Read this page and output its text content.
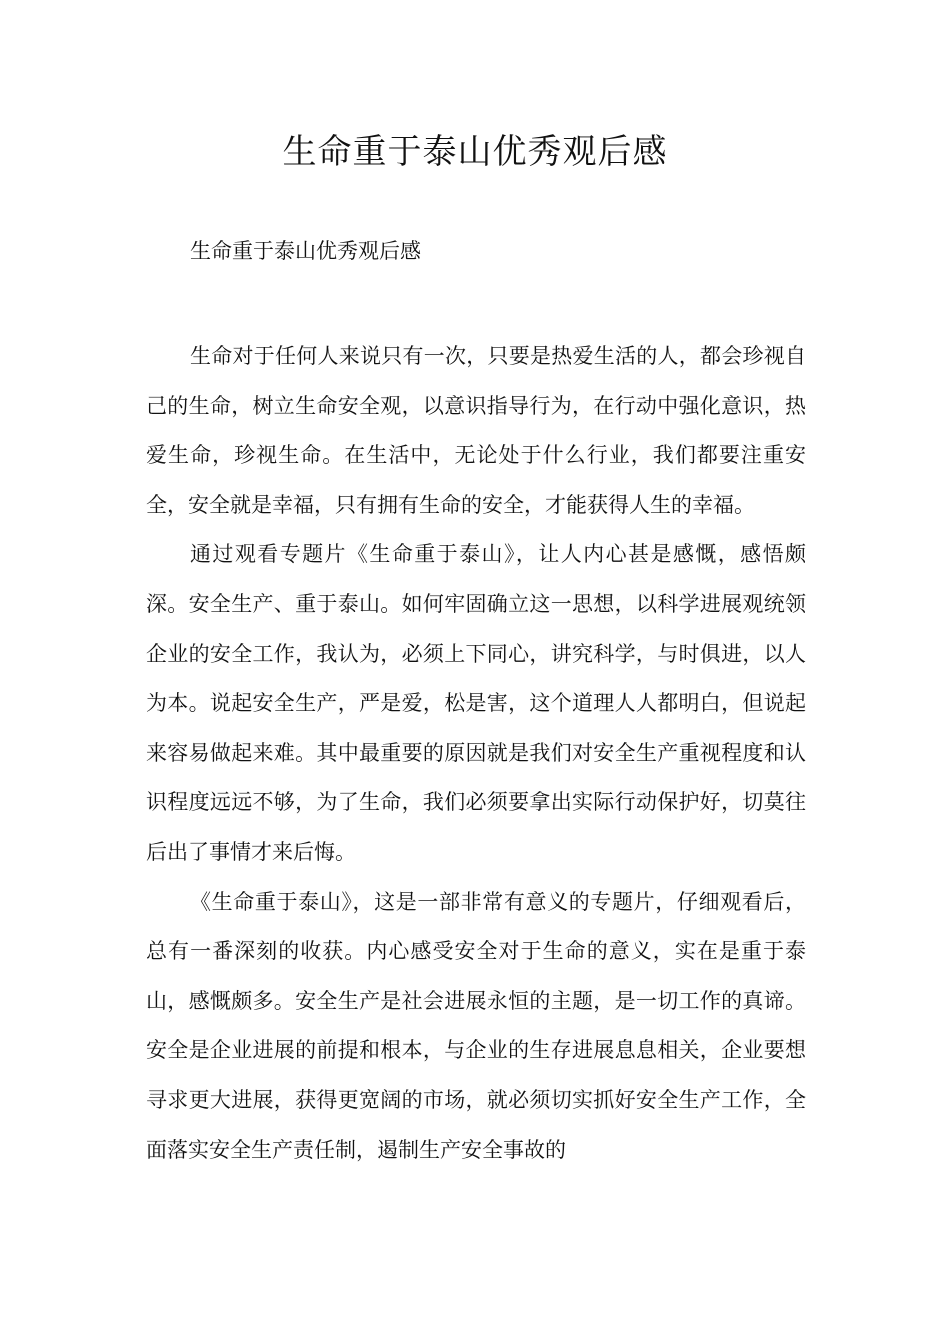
生命重于泰山优秀观后感

生命重于泰山优秀观后感

生命对于任何人来说只有一次，只要是热爱生活的人，都会珍视自己的生命，树立生命安全观，以意识指导行为，在行动中强化意识，热爱生命，珍视生命。在生活中，无论处于什么行业，我们都要注重安全，安全就是幸福，只有拥有生命的安全，才能获得人生的幸福。

通过观看专题片《生命重于泰山》，让人内心甚是感慨，感悟颇深。安全生产、重于泰山。如何牢固确立这一思想，以科学进展观统领企业的安全工作，我认为，必须上下同心，讲究科学，与时俱进，以人为本。说起安全生产，严是爱，松是害，这个道理人人都明白，但说起来容易做起来难。其中最重要的原因就是我们对安全生产重视程度和认识程度远远不够，为了生命，我们必须要拿出实际行动保护好，切莫往后出了事情才来后悔。

《生命重于泰山》，这是一部非常有意义的专题片，仔细观看后，总有一番深刻的收获。内心感受安全对于生命的意义，实在是重于泰山，感慨颇多。安全生产是社会进展永恒的主题，是一切工作的真谛。安全是企业进展的前提和根本，与企业的生存进展息息相关，企业要想寻求更大进展，获得更宽阔的市场，就必须切实抓好安全生产工作，全面落实安全生产责任制，遏制生产安全事故的
